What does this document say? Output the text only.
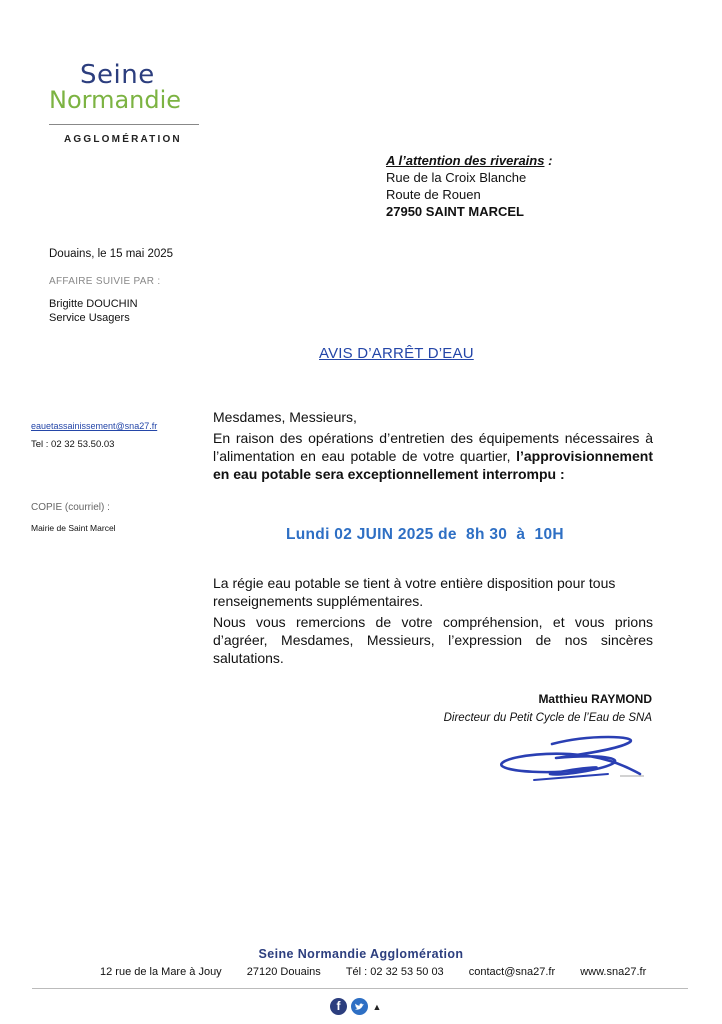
Seine
Normandie
AGGLOMÉRATION
A l’attention des riverains :
Rue de la Croix Blanche
Route de Rouen
27950 SAINT MARCEL
Douains, le 15 mai 2025
AFFAIRE SUIVIE PAR :
Brigitte DOUCHIN
Service Usagers
eauetassainissement@sna27.fr
Tel : 02 32 53.50.03
COPIE (courriel) :
Mairie de Saint Marcel
AVIS D’ARRÊT D’EAU
Mesdames, Messieurs,
En raison des opérations d’entretien des équipements nécessaires à l’alimentation en eau potable de votre quartier, l’approvisionnement en eau potable sera exceptionnellement interrompu :
Lundi 02 JUIN 2025 de  8h 30  à  10H
La régie eau potable se tient à votre entière disposition pour tous renseignements supplémentaires.
Nous vous remercions de votre compréhension, et vous prions d’agréer, Mesdames, Messieurs, l’expression de nos sincères salutations.
Matthieu RAYMOND
Directeur du Petit Cycle de l’Eau de SNA
Seine Normandie Agglomération
12 rue de la Mare à Jouy 27120 Douains Tél : 02 32 53 50 03 contact@sna27.fr www.sna27.fr
f	▲
